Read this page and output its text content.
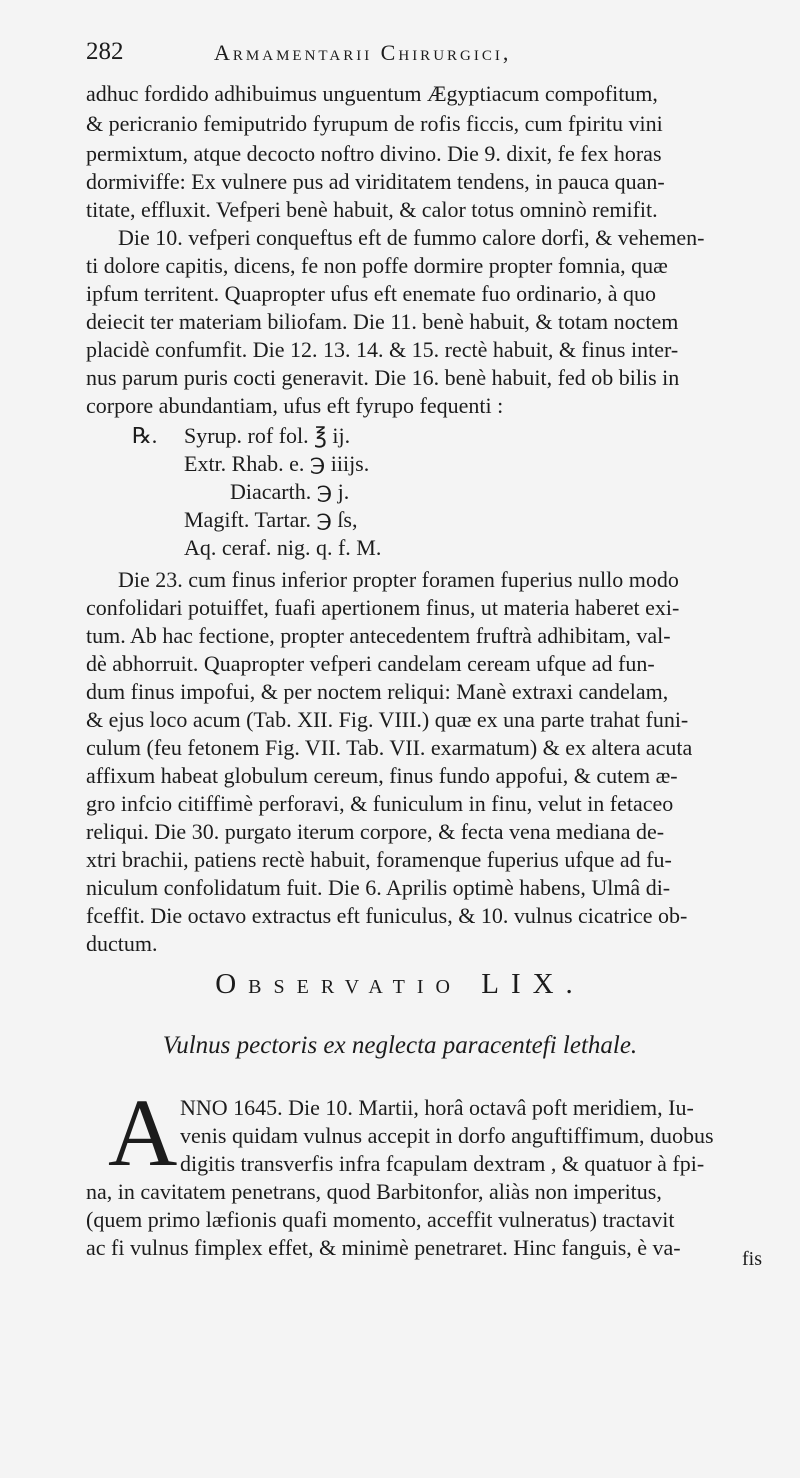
282	Armamentarii Chirurgici,
adhuc fordido adhibuimus unguentum Ægyptiacum compofitum,
& pericranio femiputrido fyrupum de rofis ficcis, cum fpiritu vini
permixtum, atque decocto noftro divino. Die 9. dixit, fe fex horas
dormiviffe: Ex vulnere pus ad viriditatem tendens, in pauca quan-
titate, effluxit. Vefperi benè habuit, & calor totus omninò remifit.
Die 10. vefperi conqueftus eft de fummo calore dorfi, & vehemen-
ti dolore capitis, dicens, fe non poffe dormire propter fomnia, quæ
ipfum territent. Quapropter ufus eft enemate fuo ordinario, à quo
deiecit ter materiam biliofam. Die 11. benè habuit, & totam noctem
placidè confumfit. Die 12. 13. 14. & 15. rectè habuit, & finus inter-
nus parum puris cocti generavit. Die 16. benè habuit, fed ob bilis in
corpore abundantiam, ufus eft fyrupo fequenti :
℞. Syrup. rof fol. ℥ ij.
Extr. Rhab. e. ℈ iiijs.
Diacarth. ℈ j.
Magift. Tartar. ℈ ſs,
Aq. ceraf. nig. q. f. M.
Die 23. cum finus inferior propter foramen fuperius nullo modo
confolidari potuiffet, fuafi apertionem finus, ut materia haberet exi-
tum. Ab hac fectione, propter antecedentem fruftrà adhibitam, val-
dè abhorruit. Quapropter vefperi candelam ceream ufque ad fun-
dum finus impofui, & per noctem reliqui: Manè extraxi candelam,
& ejus loco acum (Tab. XII. Fig. VIII.) quæ ex una parte trahat funi-
culum (feu fetonem Fig. VII. Tab. VII. exarmatum) & ex altera acuta
affixum habeat globulum cereum, finus fundo appofui, & cutem æ-
gro infcio citiffimè perforavi, & funiculum in finu, velut in fetaceo
reliqui. Die 30. purgato iterum corpore, & fecta vena mediana de-
xtri brachii, patiens rectè habuit, foramenque fuperius ufque ad fu-
niculum confolidatum fuit. Die 6. Aprilis optimè habens, Ulmâ di-
fceffit. Die octavo extractus eft funiculus, & 10. vulnus cicatrice ob-
ductum.
Observatio LIX.
Vulnus pectoris ex neglecta paracentefi lethale.
A NNO 1645. Die 10. Martii, horâ octavâ poft meridiem, Iu-
venis quidam vulnus accepit in dorfo anguftiffimum, duobus
digitis transverfis infra fcapulam dextram , & quatuor à fpi-
na, in cavitatem penetrans, quod Barbitonfor, aliàs non imperitus,
(quem primo læfionis quafi momento, acceffit vulneratus) tractavit
ac fi vulnus fimplex effet, & minimè penetraret. Hinc fanguis, è va-	fis
